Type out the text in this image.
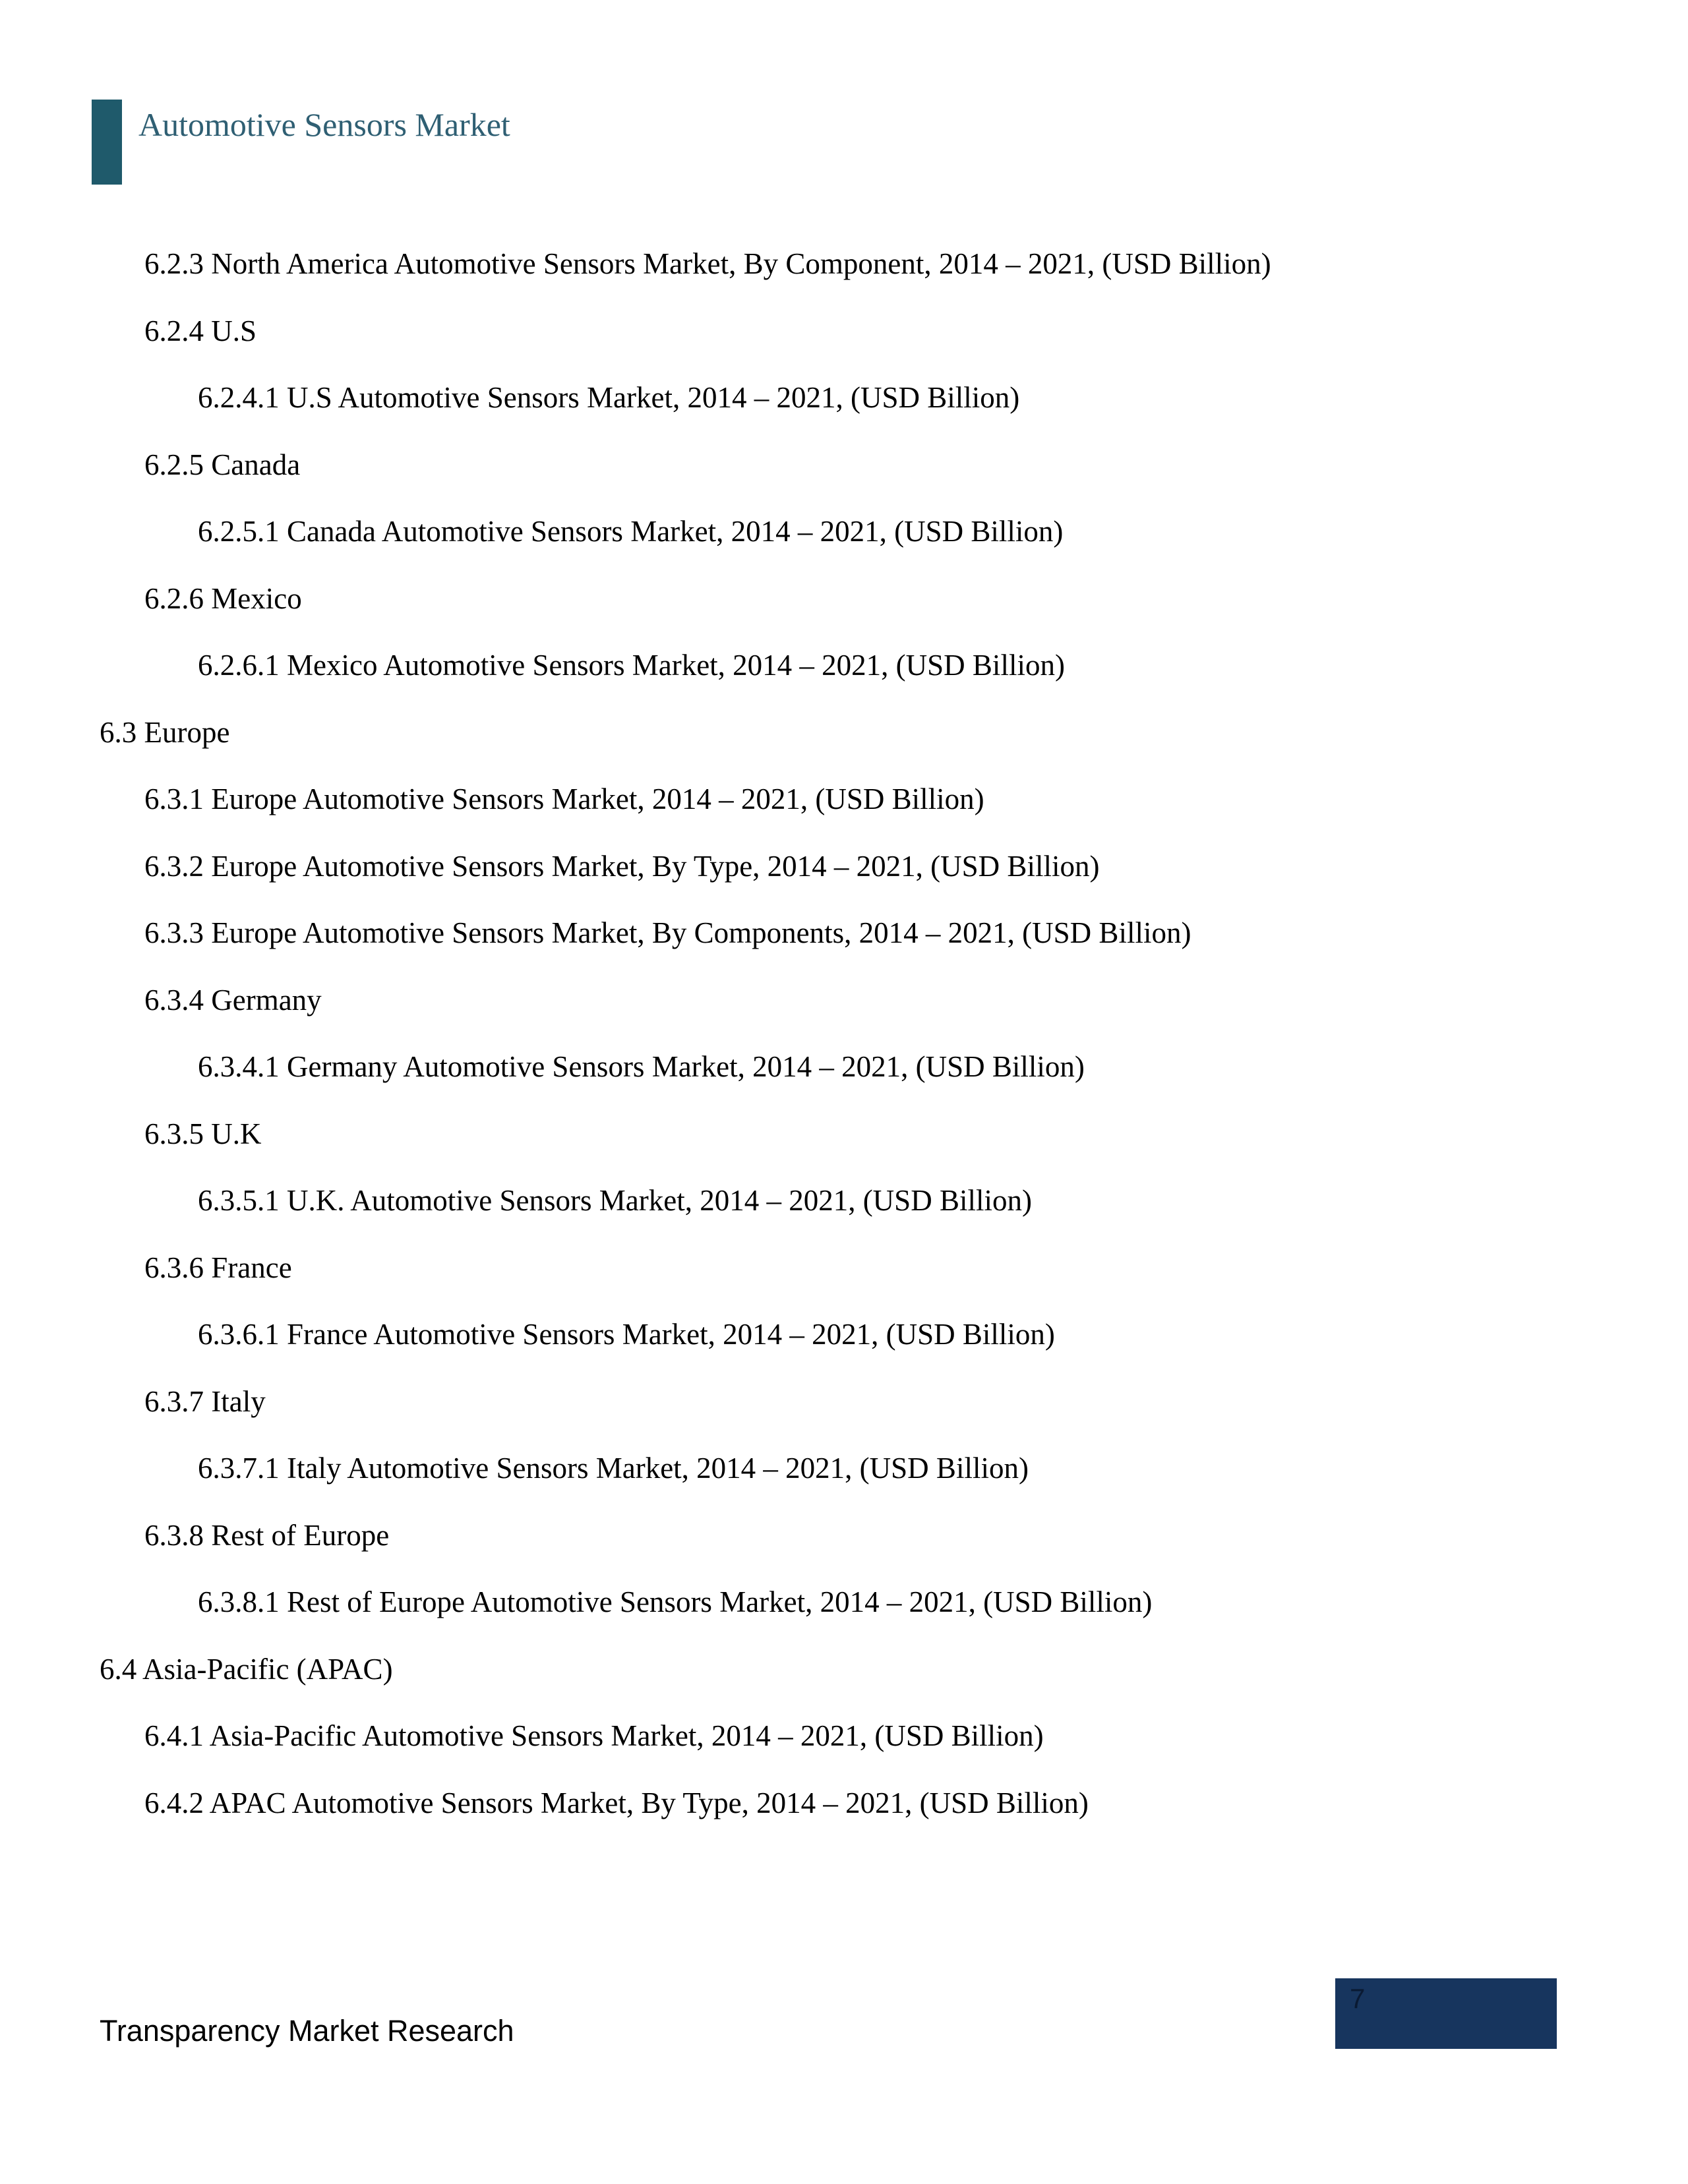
Automotive Sensors Market
6.2.3 North America Automotive Sensors Market, By Component, 2014 – 2021, (USD Billion)
6.2.4 U.S
6.2.4.1 U.S Automotive Sensors Market, 2014 – 2021, (USD Billion)
6.2.5 Canada
6.2.5.1 Canada Automotive Sensors Market, 2014 – 2021, (USD Billion)
6.2.6 Mexico
6.2.6.1 Mexico Automotive Sensors Market, 2014 – 2021, (USD Billion)
6.3 Europe
6.3.1 Europe Automotive Sensors Market, 2014 – 2021, (USD Billion)
6.3.2 Europe Automotive Sensors Market, By Type, 2014 – 2021, (USD Billion)
6.3.3 Europe Automotive Sensors Market, By Components, 2014 – 2021, (USD Billion)
6.3.4 Germany
6.3.4.1 Germany Automotive Sensors Market, 2014 – 2021, (USD Billion)
6.3.5 U.K
6.3.5.1 U.K. Automotive Sensors Market, 2014 – 2021, (USD Billion)
6.3.6 France
6.3.6.1 France Automotive Sensors Market, 2014 – 2021, (USD Billion)
6.3.7 Italy
6.3.7.1 Italy Automotive Sensors Market, 2014 – 2021, (USD Billion)
6.3.8 Rest of Europe
6.3.8.1 Rest of Europe Automotive Sensors Market, 2014 – 2021, (USD Billion)
6.4 Asia-Pacific (APAC)
6.4.1 Asia-Pacific Automotive Sensors Market, 2014 – 2021, (USD Billion)
6.4.2 APAC Automotive Sensors Market, By Type, 2014 – 2021, (USD Billion)
Transparency Market Research
7
